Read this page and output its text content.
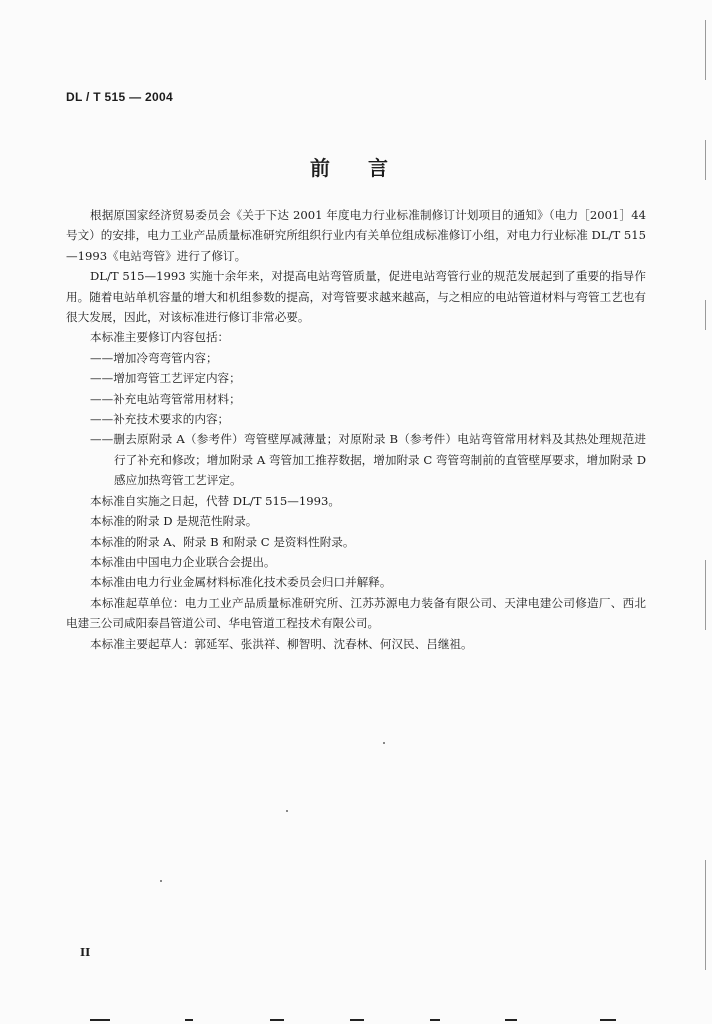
DL / T 515 — 2004
前言

根据原国家经济贸易委员会《关于下达 2001 年度电力行业标准制修订计划项目的通知》（电力［2001］44 号文）的安排，电力工业产品质量标准研究所组织行业内有关单位组成标准修订小组，对电力行业标准 DL/T 515—1993《电站弯管》进行了修订。

DL/T 515—1993 实施十余年来，对提高电站弯管质量，促进电站弯管行业的规范发展起到了重要的指导作用。随着电站单机容量的增大和机组参数的提高，对弯管要求越来越高，与之相应的电站管道材料与弯管工艺也有很大发展，因此，对该标准进行修订非常必要。

本标准主要修订内容包括：

——增加冷弯弯管内容；

——增加弯管工艺评定内容；

——补充电站弯管常用材料；

——补充技术要求的内容；

——删去原附录 A（参考件）弯管壁厚减薄量；对原附录 B（参考件）电站弯管常用材料及其热处理规范进行了补充和修改；增加附录 A 弯管加工推荐数据，增加附录 C 弯管弯制前的直管壁厚要求，增加附录 D 感应加热弯管工艺评定。

本标准自实施之日起，代替 DL/T 515—1993。

本标准的附录 D 是规范性附录。

本标准的附录 A、附录 B 和附录 C 是资料性附录。

本标准由中国电力企业联合会提出。

本标准由电力行业金属材料标准化技术委员会归口并解释。

本标准起草单位：电力工业产品质量标准研究所、江苏苏源电力装备有限公司、天津电建公司修造厂、西北电建三公司咸阳泰昌管道公司、华电管道工程技术有限公司。

本标准主要起草人：郭延军、张洪祥、柳智明、沈春林、何汉民、吕继祖。

II
